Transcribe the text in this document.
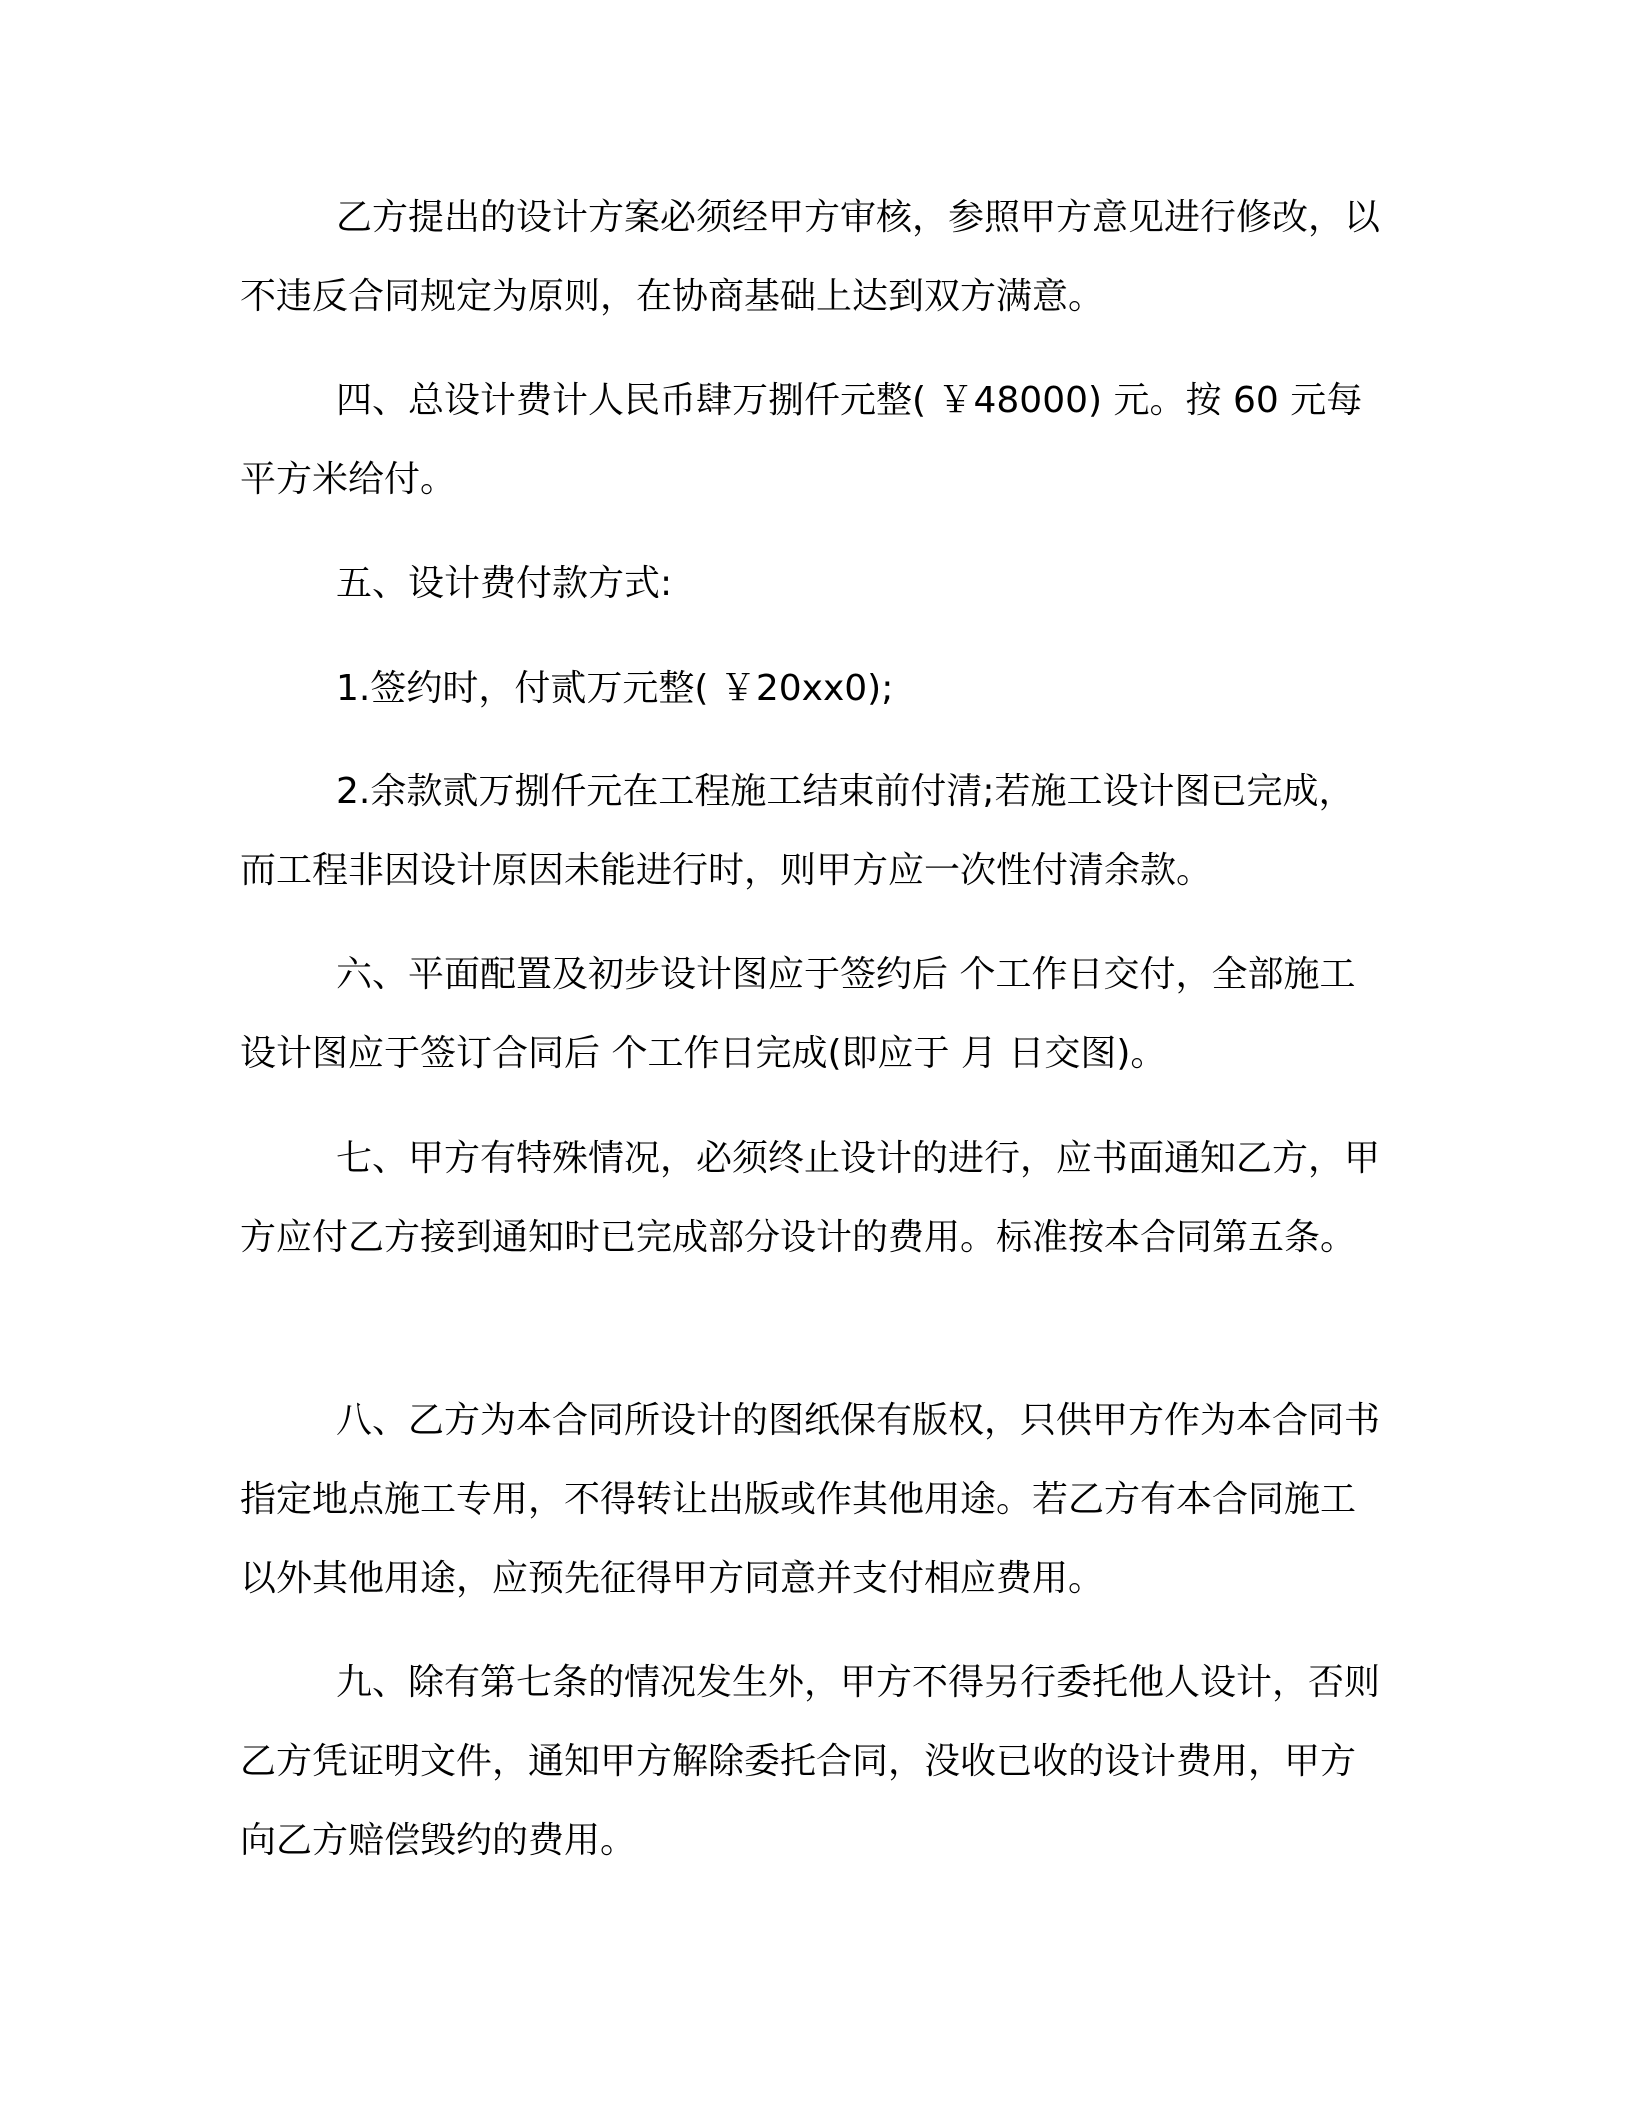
乙方提出的设计方案必须经甲方审核，参照甲方意见进行修改，以不违反合同规定为原则，在协商基础上达到双方满意。

四、总设计费计人民币肆万捌仟元整( ￥48000) 元。按 60 元每平方米给付。

五、设计费付款方式:

1.签约时，付贰万元整( ￥20xx0);

2.余款贰万捌仟元在工程施工结束前付清;若施工设计图已完成，而工程非因设计原因未能进行时，则甲方应一次性付清余款。

六、平面配置及初步设计图应于签约后 个工作日交付，全部施工设计图应于签订合同后 个工作日完成(即应于 月 日交图)。

七、甲方有特殊情况，必须终止设计的进行，应书面通知乙方，甲方应付乙方接到通知时已完成部分设计的费用。标准按本合同第五条。

八、乙方为本合同所设计的图纸保有版权，只供甲方作为本合同书指定地点施工专用，不得转让出版或作其他用途。若乙方有本合同施工以外其他用途，应预先征得甲方同意并支付相应费用。

九、除有第七条的情况发生外，甲方不得另行委托他人设计，否则乙方凭证明文件，通知甲方解除委托合同，没收已收的设计费用，甲方向乙方赔偿毁约的费用。
